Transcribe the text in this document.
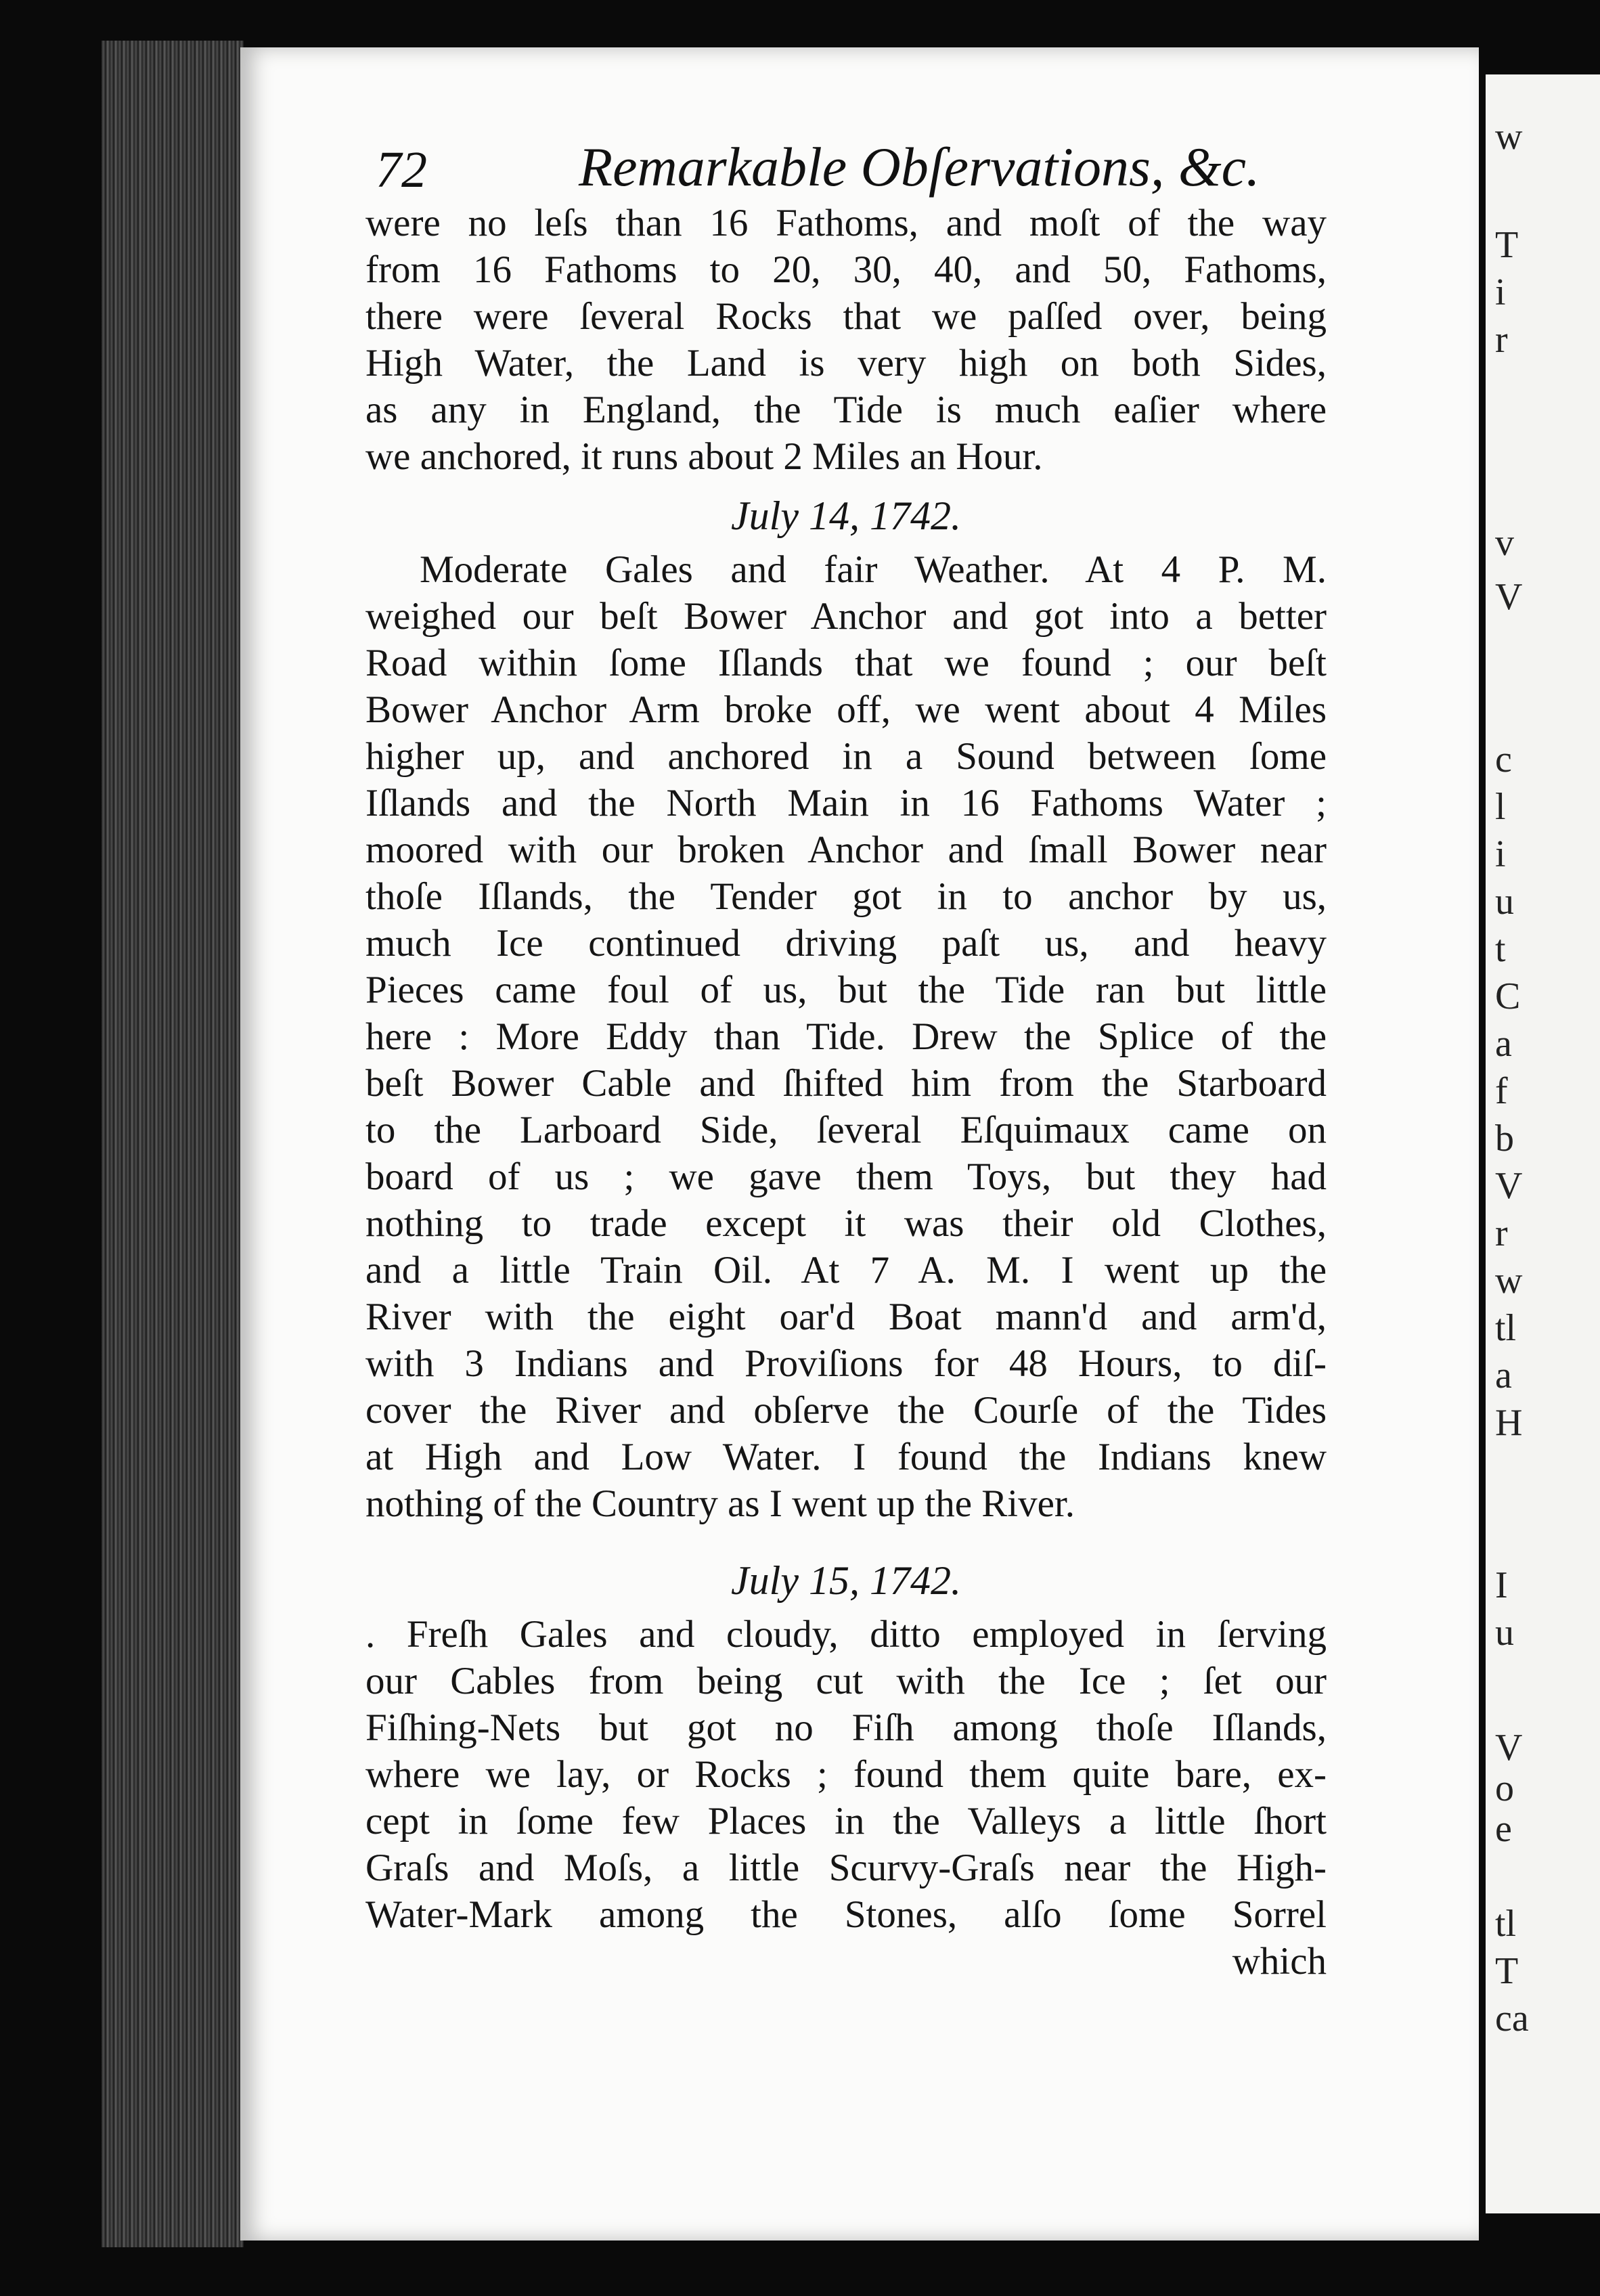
w
T
i
r
v
V
c
l
i
u
t
C
a
f
b
V
r
w
tl
a
H
I
u
V
o
e
tl
T
ca
72	Remarkable Obſervations, &c.
were no leſs than 16 Fathoms, and moſt of the way
from 16 Fathoms to 20, 30, 40, and 50, Fathoms,
there were ſeveral Rocks that we paſſed over, being
High Water, the Land is very high on both Sides,
as any in England, the Tide is much eaſier where
we anchored, it runs about 2 Miles an Hour.
July 14, 1742.
Moderate Gales and fair Weather. At 4 P. M.
weighed our beſt Bower Anchor and got into a better
Road within ſome Iſlands that we found ; our beſt
Bower Anchor Arm broke off, we went about 4 Miles
higher up, and anchored in a Sound between ſome
Iſlands and the North Main in 16 Fathoms Water ;
moored with our broken Anchor and ſmall Bower near
thoſe Iſlands, the Tender got in to anchor by us,
much Ice continued driving paſt us, and heavy
Pieces came foul of us, but the Tide ran but little
here : More Eddy than Tide. Drew the Splice of the
beſt Bower Cable and ſhifted him from the Starboard
to the Larboard Side, ſeveral Eſquimaux came on
board of us ; we gave them Toys, but they had
nothing to trade except it was their old Clothes,
and a little Train Oil. At 7 A. M. I went up the
River with the eight oar'd Boat mann'd and arm'd,
with 3 Indians and Proviſions for 48 Hours, to diſ-
cover the River and obſerve the Courſe of the Tides
at High and Low Water. I found the Indians knew
nothing of the Country as I went up the River.
July 15, 1742.
. Freſh Gales and cloudy, ditto employed in ſerving
our Cables from being cut with the Ice ; ſet our
Fiſhing-Nets but got no Fiſh among thoſe Iſlands,
where we lay, or Rocks ; found them quite bare, ex-
cept in ſome few Places in the Valleys a little ſhort
Graſs and Moſs, a little Scurvy-Graſs near the High-
Water-Mark among the Stones, alſo ſome Sorrel
which
